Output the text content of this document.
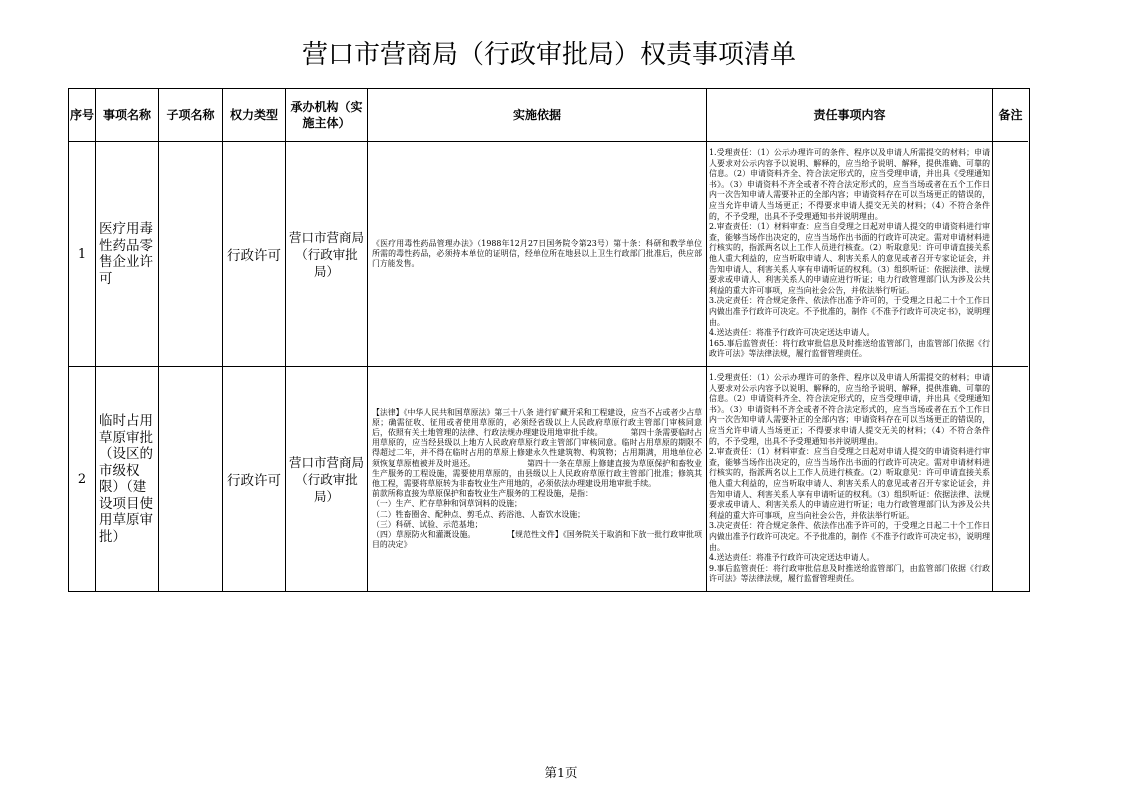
营口市营商局（行政审批局）权责事项清单
序号 事项名称 子项名称 权力类型
承办机构（实施主体）
实施依据	责任事项内容	备注
1
医疗用毒性药品零售企业许可
行政许可
营口市营商局（行政审批局）

《医疗用毒性药品管理办法》（1988年12月27日国务院令第23号）第十条：科研和教学单位所需的毒性药品，必须持本单位的证明信，经单位所在地县以上卫生行政部门批准后，供应部门方能发售。

1.受理责任：（1）公示办理许可的条件、程序以及申请人所需提交的材料；申请人要求对公示内容予以说明、解释的，应当给予说明、解释，提供准确、可靠的信息。（2）申请资料齐全、符合法定形式的，应当受理申请，并出具《受理通知书》。（3）申请资料不齐全或者不符合法定形式的，应当当场或者在五个工作日内一次告知申请人需要补正的全部内容；申请资料存在可以当场更正的错误的，应当允许申请人当场更正；不得要求申请人提交无关的材料；（4）不符合条件的，不予受理，出具不予受理通知书并说明理由。

2.审查责任：（1）材料审查：应当自受理之日起对申请人提交的申请资料进行审查，能够当场作出决定的，应当当场作出书面的行政许可决定。需对申请材料进行核实的，指派两名以上工作人员进行核查。（2）听取意见：许可申请直接关系他人重大利益的，应当听取申请人、利害关系人的意见或者召开专家论证会，并告知申请人、利害关系人享有申请听证的权利。（3）组织听证：依据法律、法规要求或申请人、利害关系人的申请应进行听证；电力行政管理部门认为涉及公共利益的重大许可事项，应当向社会公告，并依法举行听证。

3.决定责任：符合规定条件、依法作出准予许可的，于受理之日起二十个工作日内做出准予行政许可决定。不予批准的，制作《不准予行政许可决定书》，说明理由。

4.送达责任：将准予行政许可决定送达申请人。

165.事后监管责任：将行政审批信息及时推送给监管部门，由监管部门依据《行政许可法》等法律法规，履行监督管理责任。

2
临时占用草原审批（设区的市级权限）（建设项目使用草原审批）
行政许可
营口市营商局（行政审批局）

【法律】《中华人民共和国草原法》第三十八条 进行矿藏开采和工程建设，应当不占或者少占草原；确需征收、征用或者使用草原的，必须经省级以上人民政府草原行政主管部门审核同意后，依照有关土地管理的法律、行政法规办理建设用地审批手续。　　　　第四十条需要临时占用草原的，应当经县级以上地方人民政府草原行政主管部门审核同意。临时占用草原的期限不得超过二年，并不得在临时占用的草原上修建永久性建筑物、构筑物；占用期满，用地单位必须恢复草原植被并及时退还。　　　　　　　第四十一条在草原上修建直接为草原保护和畜牧业生产服务的工程设施，需要使用草原的，由县级以上人民政府草原行政主管部门批准；修筑其他工程，需要将草原转为非畜牧业生产用地的，必须依法办理建设用地审批手续。

前款所称直接为草原保护和畜牧业生产服务的工程设施，是指：

（一）生产、贮存草种和饲草饲料的设施；

（二）牲畜圈舍、配种点、剪毛点、药浴池、人畜饮水设施；

（三）科研、试验、示范基地；

（四）草原防火和灌溉设施。　　　　　【规范性文件】《国务院关于取消和下放一批行政审批项目的决定》

1.受理责任：（1）公示办理许可的条件、程序以及申请人所需提交的材料；申请人要求对公示内容予以说明、解释的，应当给予说明、解释，提供准确、可靠的信息。（2）申请资料齐全、符合法定形式的，应当受理申请，并出具《受理通知书》。（3）申请资料不齐全或者不符合法定形式的，应当当场或者在五个工作日内一次告知申请人需要补正的全部内容；申请资料存在可以当场更正的错误的，应当允许申请人当场更正；不得要求申请人提交无关的材料；（4）不符合条件的，不予受理，出具不予受理通知书并说明理由。

2.审查责任：（1）材料审查：应当自受理之日起对申请人提交的申请资料进行审查，能够当场作出决定的，应当当场作出书面的行政许可决定。需对申请材料进行核实的，指派两名以上工作人员进行核查。（2）听取意见：许可申请直接关系他人重大利益的，应当听取申请人、利害关系人的意见或者召开专家论证会，并告知申请人、利害关系人享有申请听证的权利。（3）组织听证：依据法律、法规要求或申请人、利害关系人的申请应进行听证；电力行政管理部门认为涉及公共利益的重大许可事项，应当向社会公告，并依法举行听证。

3.决定责任：符合规定条件、依法作出准予许可的，于受理之日起二十个工作日内做出准予行政许可决定。不予批准的，制作《不准予行政许可决定书》，说明理由。

4.送达责任：将准予行政许可决定送达申请人。

9.事后监管责任：将行政审批信息及时推送给监管部门，由监管部门依据《行政许可法》等法律法规，履行监督管理责任。

第1页
